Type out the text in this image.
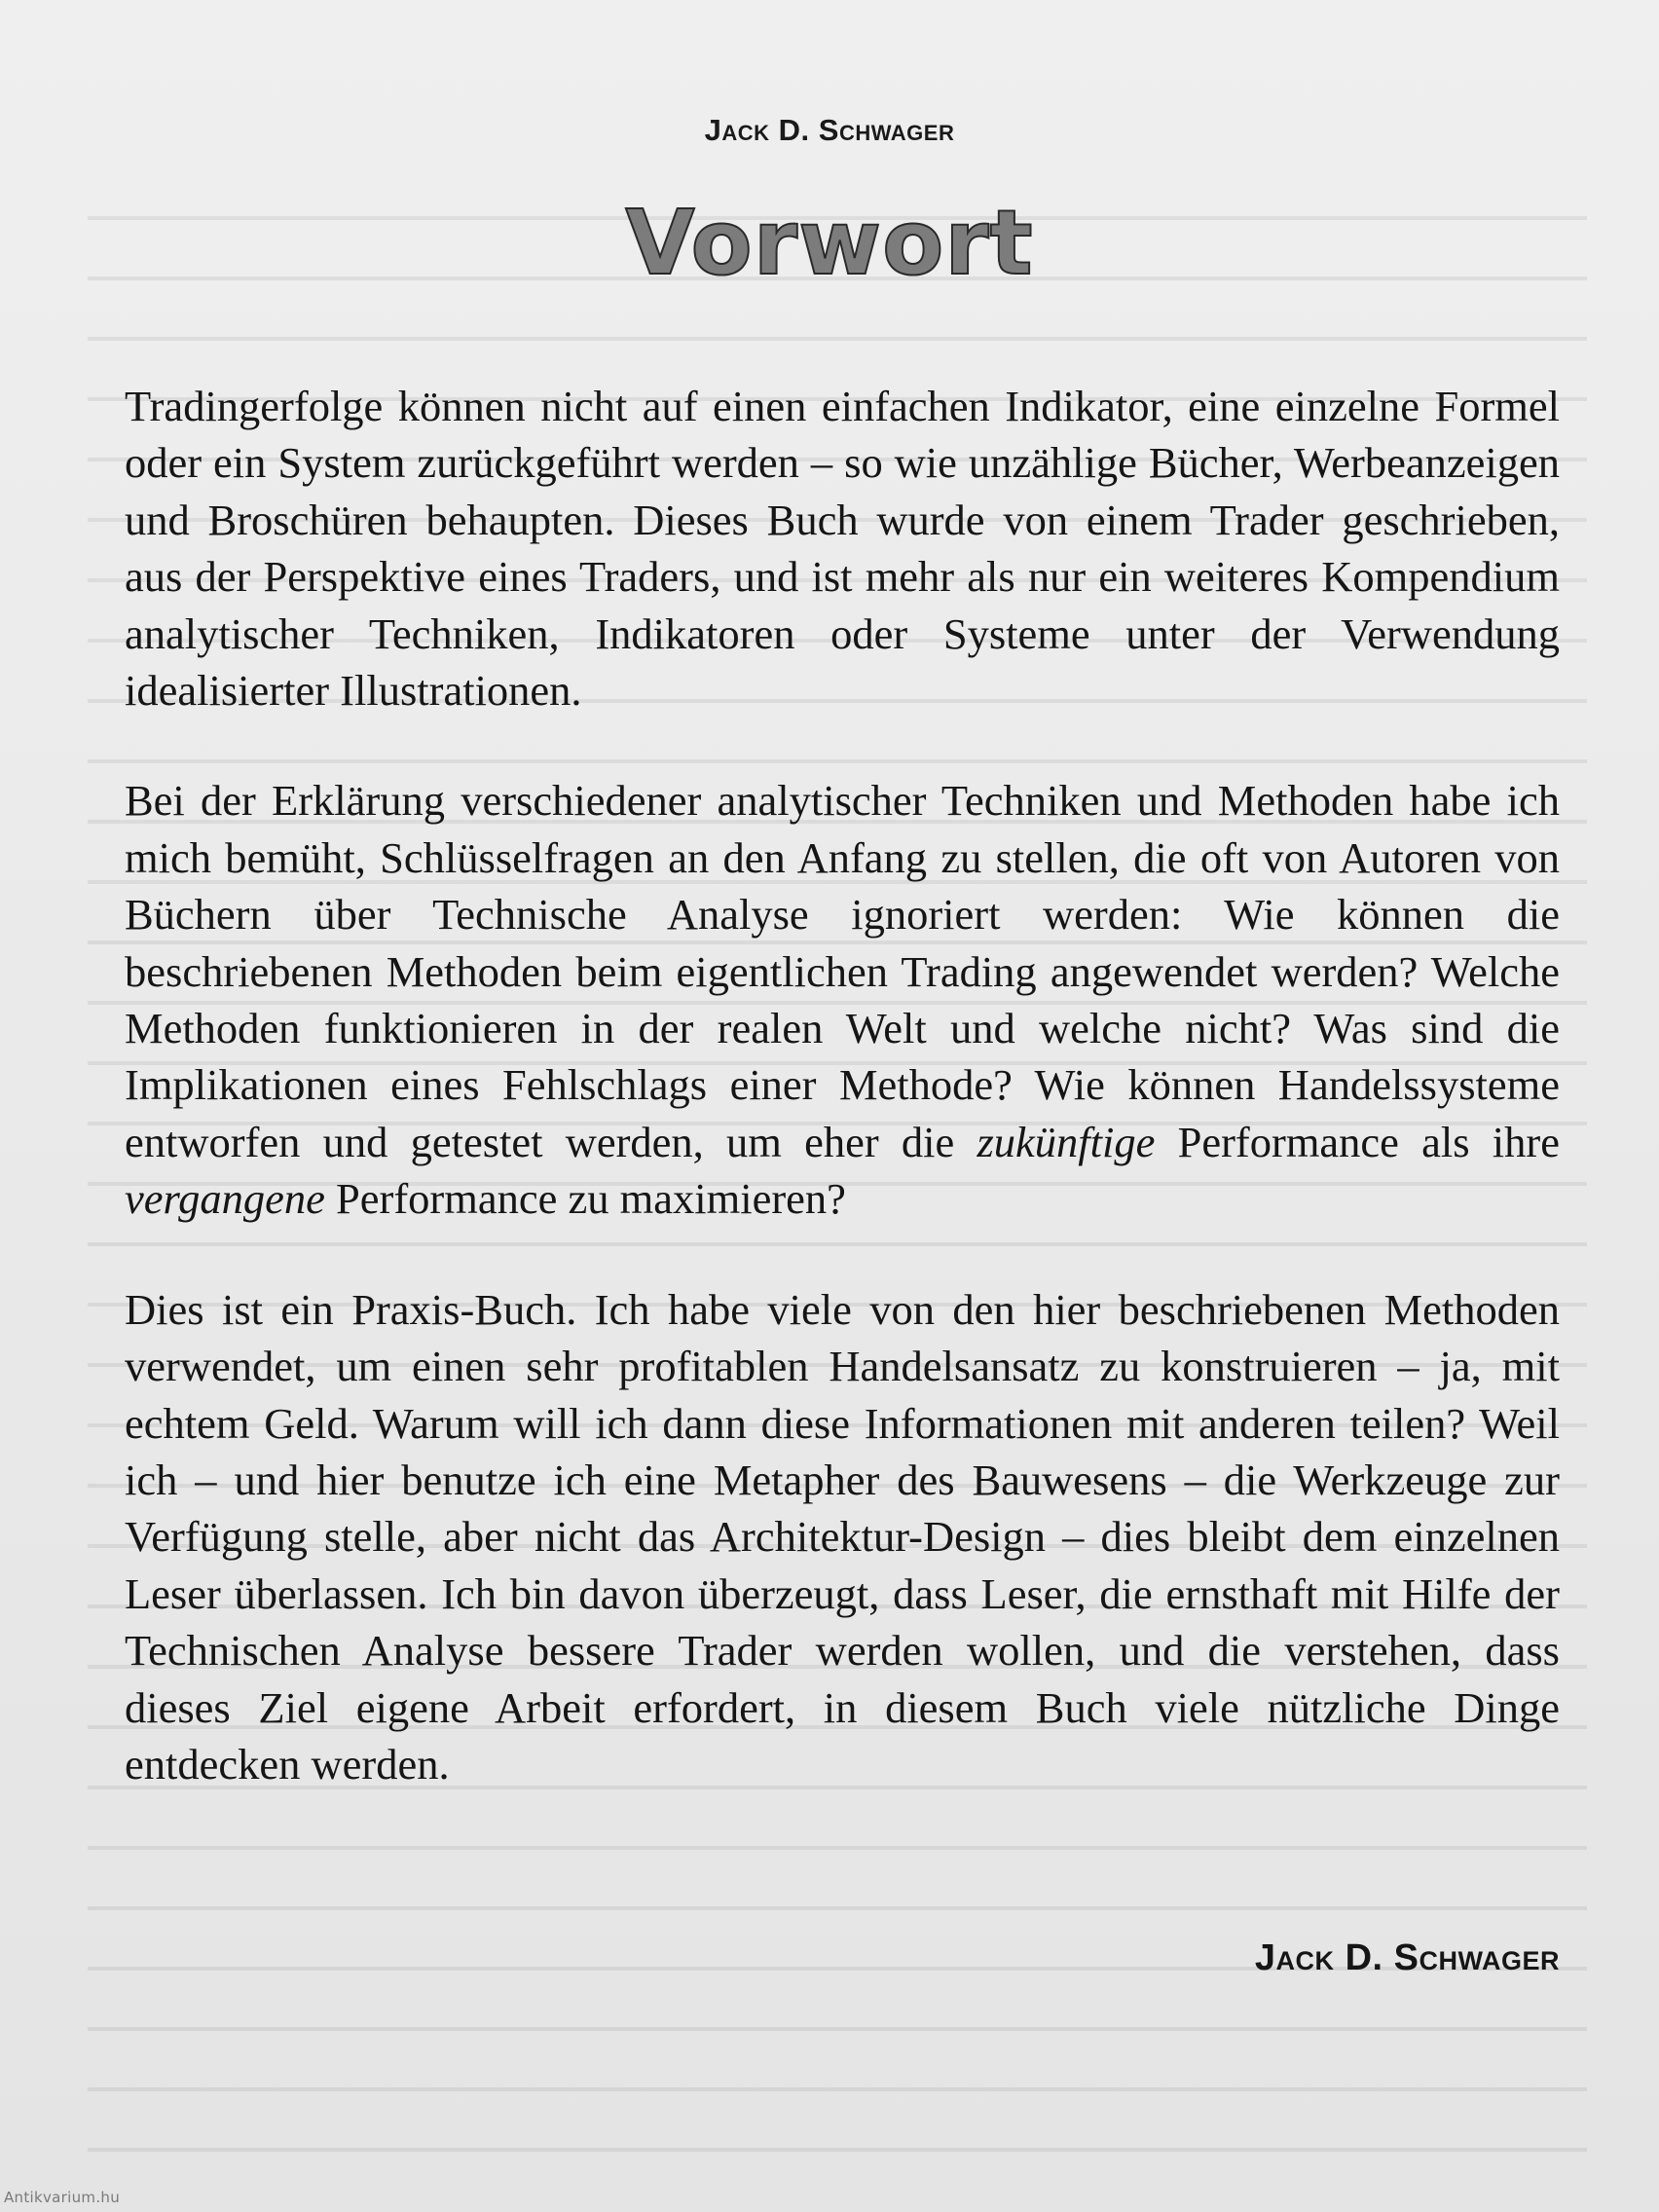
Jack D. Schwager
Vorwort

Tradingerfolge können nicht auf einen einfachen Indikator, eine einzelne Formel oder ein System zurückgeführt werden – so wie unzählige Bücher, Werbeanzeigen und Broschüren behaupten. Dieses Buch wurde von einem Trader geschrieben, aus der Perspektive eines Traders, und ist mehr als nur ein weiteres Kompendium analytischer Techniken, Indikatoren oder Systeme unter der Verwendung idealisierter Illustrationen.

Bei der Erklärung verschiedener analytischer Techniken und Methoden habe ich mich bemüht, Schlüsselfragen an den Anfang zu stellen, die oft von Autoren von Büchern über Technische Analyse ignoriert werden: Wie können die beschriebenen Methoden beim eigentlichen Trading angewendet werden? Welche Methoden funktionieren in der realen Welt und welche nicht? Was sind die Implikationen eines Fehlschlags einer Methode? Wie können Handelssysteme entworfen und getestet werden, um eher die zukünftige Performance als ihre vergangene Performance zu maximieren?

Dies ist ein Praxis-Buch. Ich habe viele von den hier beschriebenen Methoden verwendet, um einen sehr profitablen Handelsansatz zu konstruieren – ja, mit echtem Geld. Warum will ich dann diese Informationen mit anderen teilen? Weil ich – und hier benutze ich eine Metapher des Bauwesens – die Werkzeuge zur Verfügung stelle, aber nicht das Architektur-Design – dies bleibt dem einzelnen Leser überlassen. Ich bin davon überzeugt, dass Leser, die ernsthaft mit Hilfe der Technischen Analyse bessere Trader werden wollen, und die verstehen, dass dieses Ziel eigene Arbeit erfordert, in diesem Buch viele nützliche Dinge entdecken werden.

Jack D. Schwager
Antikvarium.hu
